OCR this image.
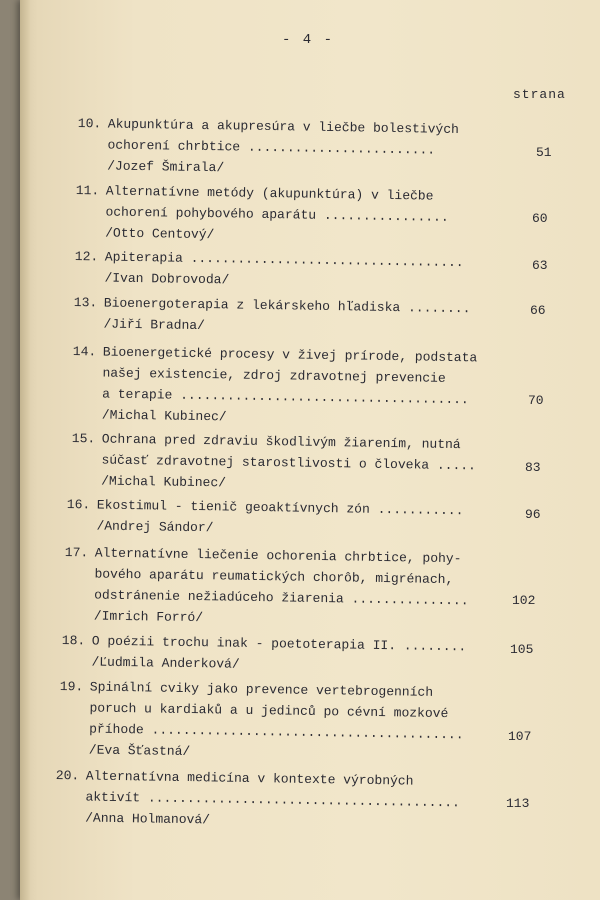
- 4 -
strana
10. Akupunktúra a akupresúra v liečbe bolestivých
ochorení chrbtice ........................
/Jozef Šmirala/
51
11. Alternatívne metódy (akupunktúra) v liečbe
ochorení pohybového aparátu ................
/Otto Centový/
60
12. Apiterapia ...................................
/Ivan Dobrovoda/
63
13. Bioenergoterapia z lekárskeho hľadiska ........
/Jiří Bradna/
66
14. Bioenergetické procesy v živej prírode, podstata
našej existencie, zdroj zdravotnej prevencie
a terapie .....................................
/Michal Kubinec/
70
15. Ochrana pred zdraviu škodlivým žiarením, nutná
súčasť zdravotnej starostlivosti o človeka .....
/Michal Kubinec/
83
16. Ekostimul - tienič geoaktívnych zón ...........
/Andrej Sándor/
96
17. Alternatívne liečenie ochorenia chrbtice, pohy-
bového aparátu reumatických chorôb, migrénach,
odstránenie nežiadúceho žiarenia ...............
/Imrich Forró/
102
18. O poézii trochu inak - poetoterapia II. ........
/Ľudmila Anderková/
105
19. Spinální cviky jako prevence vertebrogenních
poruch u kardiaků a u jedinců po cévní mozkové
příhode ........................................
/Eva Šťastná/
107
20. Alternatívna medicína v kontexte výrobných
aktivít ........................................
/Anna Holmanová/
113
